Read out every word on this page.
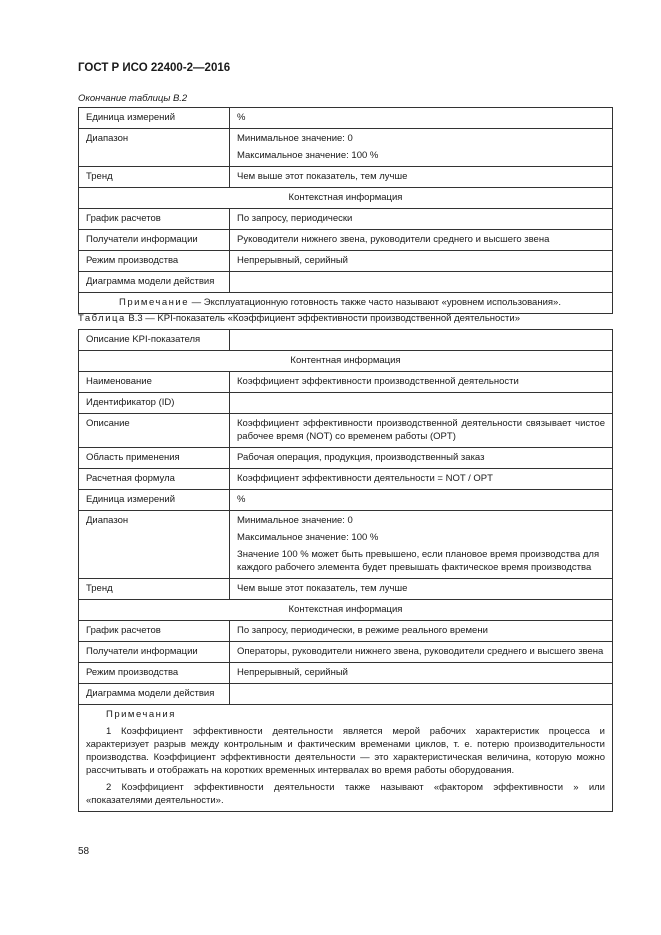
ГОСТ Р ИСО 22400-2—2016
Окончание таблицы В.2
Единица измерений	%
Диапазон	Минимальное значение: 0

Максимальное значение: 100 %

Тренд	Чем выше этот показатель, тем лучше
Контекстная информация	
График расчетов	По запросу, периодически
Получатели информации	Руководители нижнего звена, руководители среднего и высшего звена
Режим производства	Непрерывный, серийный
Диаграмма модели действия	
Примечание — Эксплуатационную готовность также часто называют «уровнем использования».	
Таблица В.3 — KPI-показатель «Коэффициент эффективности производственной деятельности»
Описание KPI-показателя	
Контентная информация	
Наименование	Коэффициент эффективности производственной деятельности
Идентификатор (ID)	
Описание	Коэффициент эффективности производственной деятельности связывает чистое рабочее время (NOT) со временем работы (OPT)
Область применения	Рабочая операция, продукция, производственный заказ
Расчетная формула	Коэффициент эффективности деятельности = NOT / OPT
Единица измерений	%
Диапазон	Минимальное значение: 0

Максимальное значение: 100 %

Значение 100 % может быть превышено, если плановое время производства для каждого рабочего элемента будет превышать фактическое время производства

Тренд	Чем выше этот показатель, тем лучше
Контекстная информация	
График расчетов	По запросу, периодически, в режиме реального времени
Получатели информации	Операторы, руководители нижнего звена, руководители среднего и высшего звена
Режим производства	Непрерывный, серийный
Диаграмма модели действия	

Примечания

1 Коэффициент эффективности деятельности является мерой рабочих характеристик процесса и характеризует разрыв между контрольным и фактическим временами циклов, т. е. потерю производительности производства. Коэффициент эффективности деятельности — это характеристическая величина, которую можно рассчитывать и отображать на коротких временных интервалах во время работы оборудования.

2 Коэффициент эффективности деятельности также называют «фактором эффективности » или «показателями деятельности».	

58
